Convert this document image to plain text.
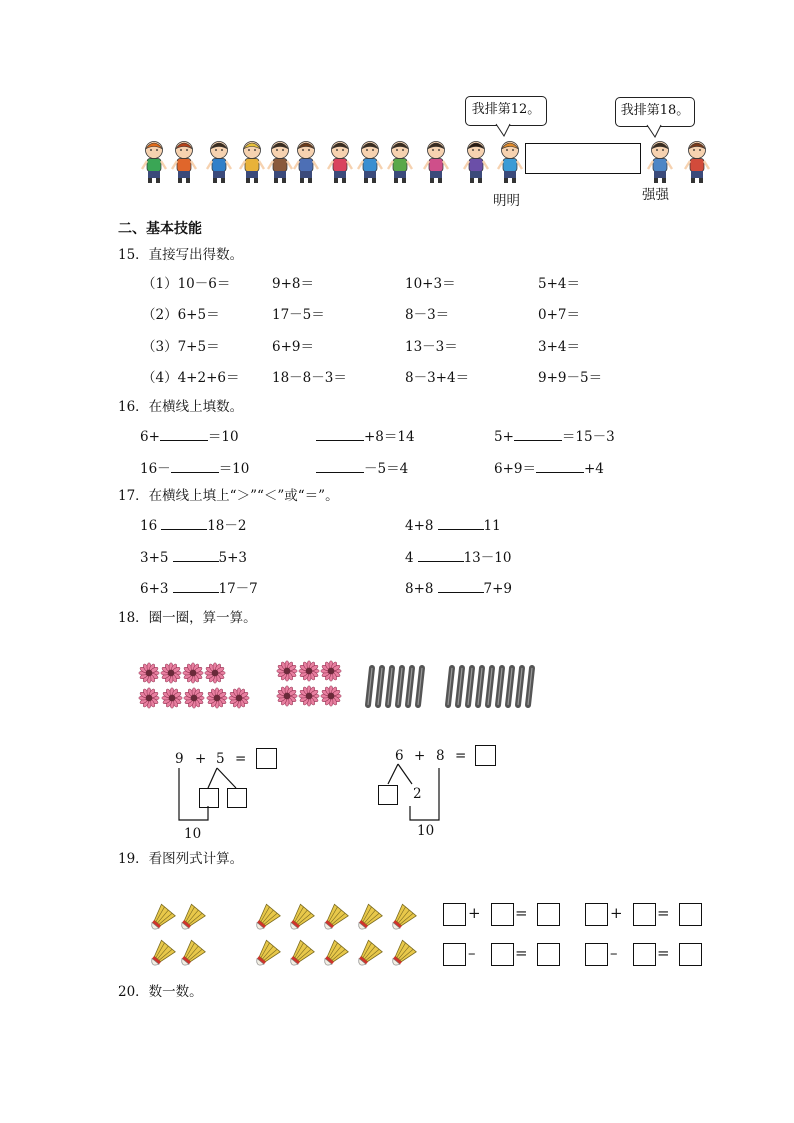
我排第12。	我排第18。
明明	强强
二、基本技能
15．直接写出得数。
（1）10－6＝	9+8＝	10+3＝	5+4＝
（2）6+5＝	17－5＝	8－3＝	0+7＝
（3）7+5＝	6+9＝	13－3＝	3+4＝
（4）4+2+6＝ 18－8－3＝	8－3+4＝	9+9－5＝
16．在横线上填数。
6+	＝10	+8＝14	5+	＝15－3
16－	＝10	－5＝4	6+9＝	+4
17．在横线上填上“＞”“＜”或“＝”。
16	18－2	4+8	11
3+5	5+3	4	13－10
6+3	17－7	8+8	7+9
18．圈一圈，算一算。
9 + 5 =
10
6 + 8 =
2
10
19．看图列式计算。
+ =	+ =
–	=	–	=
20．数一数。
